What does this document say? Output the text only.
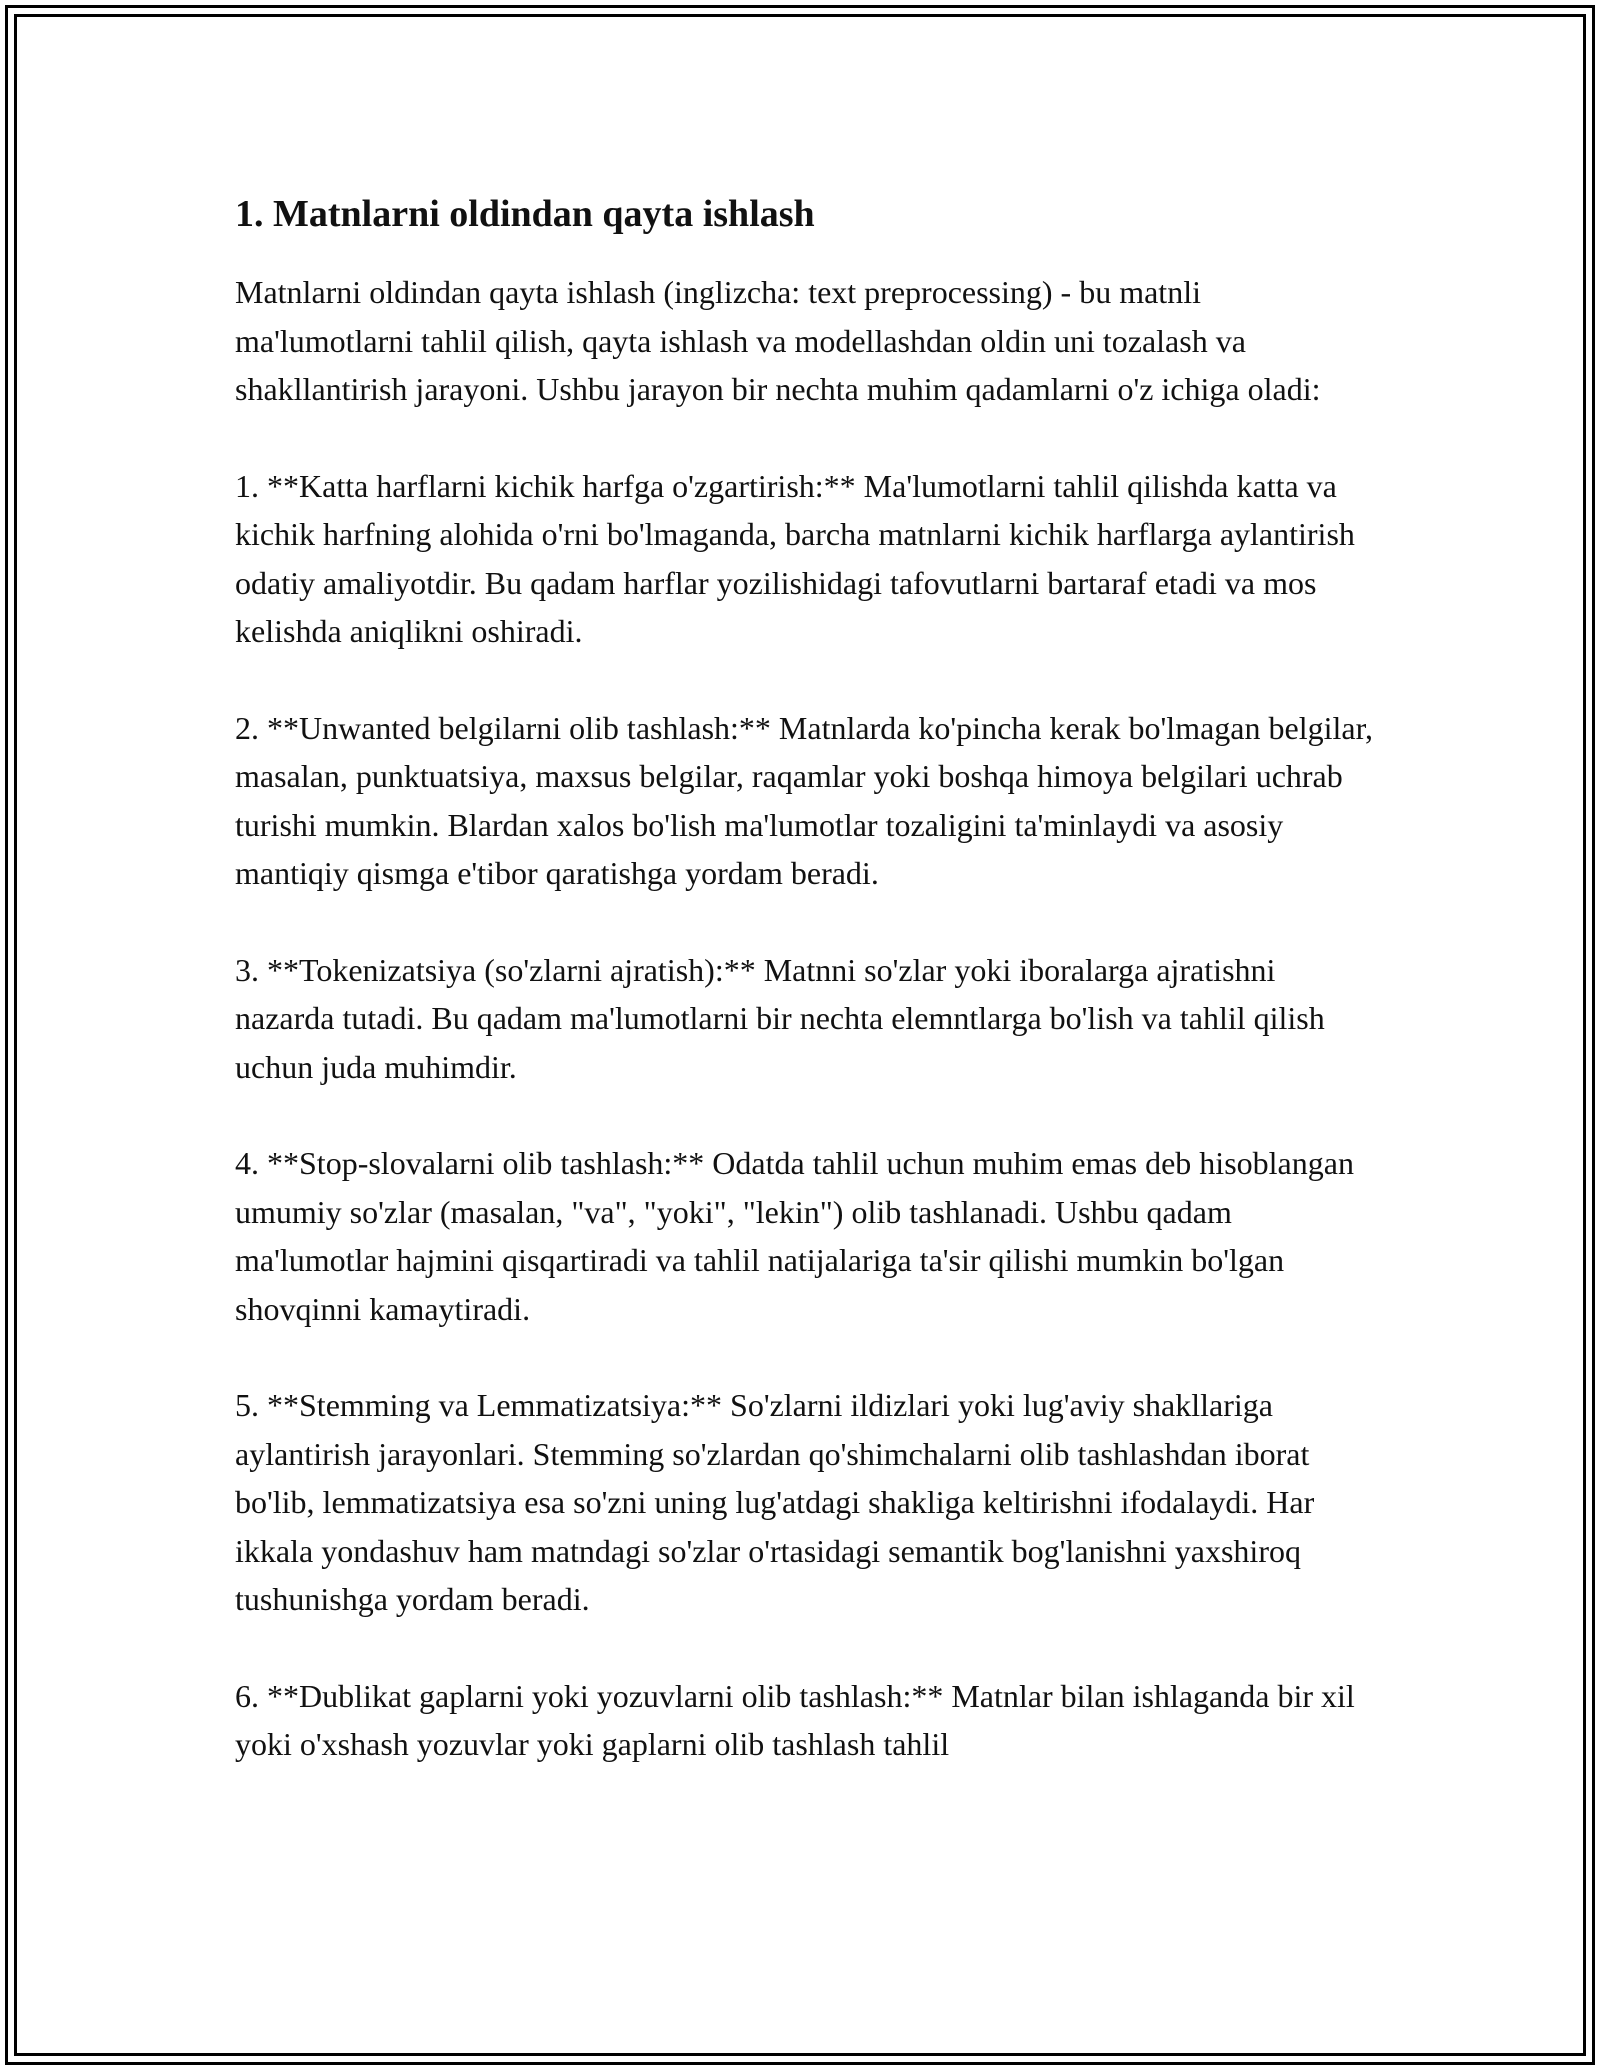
1. Matnlarni oldindan qayta ishlash

Matnlarni oldindan qayta ishlash (inglizcha: text preprocessing) - bu matnli ma'lumotlarni tahlil qilish, qayta ishlash va modellashdan oldin uni tozalash va shakllantirish jarayoni. Ushbu jarayon bir nechta muhim qadamlarni o'z ichiga oladi:

1. **Katta harflarni kichik harfga o'zgartirish:** Ma'lumotlarni tahlil qilishda katta va kichik harfning alohida o'rni bo'lmaganda, barcha matnlarni kichik harflarga aylantirish odatiy amaliyotdir. Bu qadam harflar yozilishidagi tafovutlarni bartaraf etadi va mos kelishda aniqlikni oshiradi.

2. **Unwanted belgilarni olib tashlash:** Matnlarda ko'pincha kerak bo'lmagan belgilar, masalan, punktuatsiya, maxsus belgilar, raqamlar yoki boshqa himoya belgilari uchrab turishi mumkin. Blardan xalos bo'lish ma'lumotlar tozaligini ta'minlaydi va asosiy mantiqiy qismga e'tibor qaratishga yordam beradi.

3. **Tokenizatsiya (so'zlarni ajratish):** Matnni so'zlar yoki iboralarga ajratishni nazarda tutadi. Bu qadam ma'lumotlarni bir nechta elemntlarga bo'lish va tahlil qilish uchun juda muhimdir.

4. **Stop-slovalarni olib tashlash:** Odatda tahlil uchun muhim emas deb hisoblangan umumiy so'zlar (masalan, "va", "yoki", "lekin") olib tashlanadi. Ushbu qadam ma'lumotlar hajmini qisqartiradi va tahlil natijalariga ta'sir qilishi mumkin bo'lgan shovqinni kamaytiradi.

5. **Stemming va Lemmatizatsiya:** So'zlarni ildizlari yoki lug'aviy shakllariga aylantirish jarayonlari. Stemming so'zlardan qo'shimchalarni olib tashlashdan iborat bo'lib, lemmatizatsiya esa so'zni uning lug'atdagi shakliga keltirishni ifodalaydi. Har ikkala yondashuv ham matndagi so'zlar o'rtasidagi semantik bog'lanishni yaxshiroq tushunishga yordam beradi.

6. **Dublikat gaplarni yoki yozuvlarni olib tashlash:** Matnlar bilan ishlaganda bir xil yoki o'xshash yozuvlar yoki gaplarni olib tashlash tahlil
